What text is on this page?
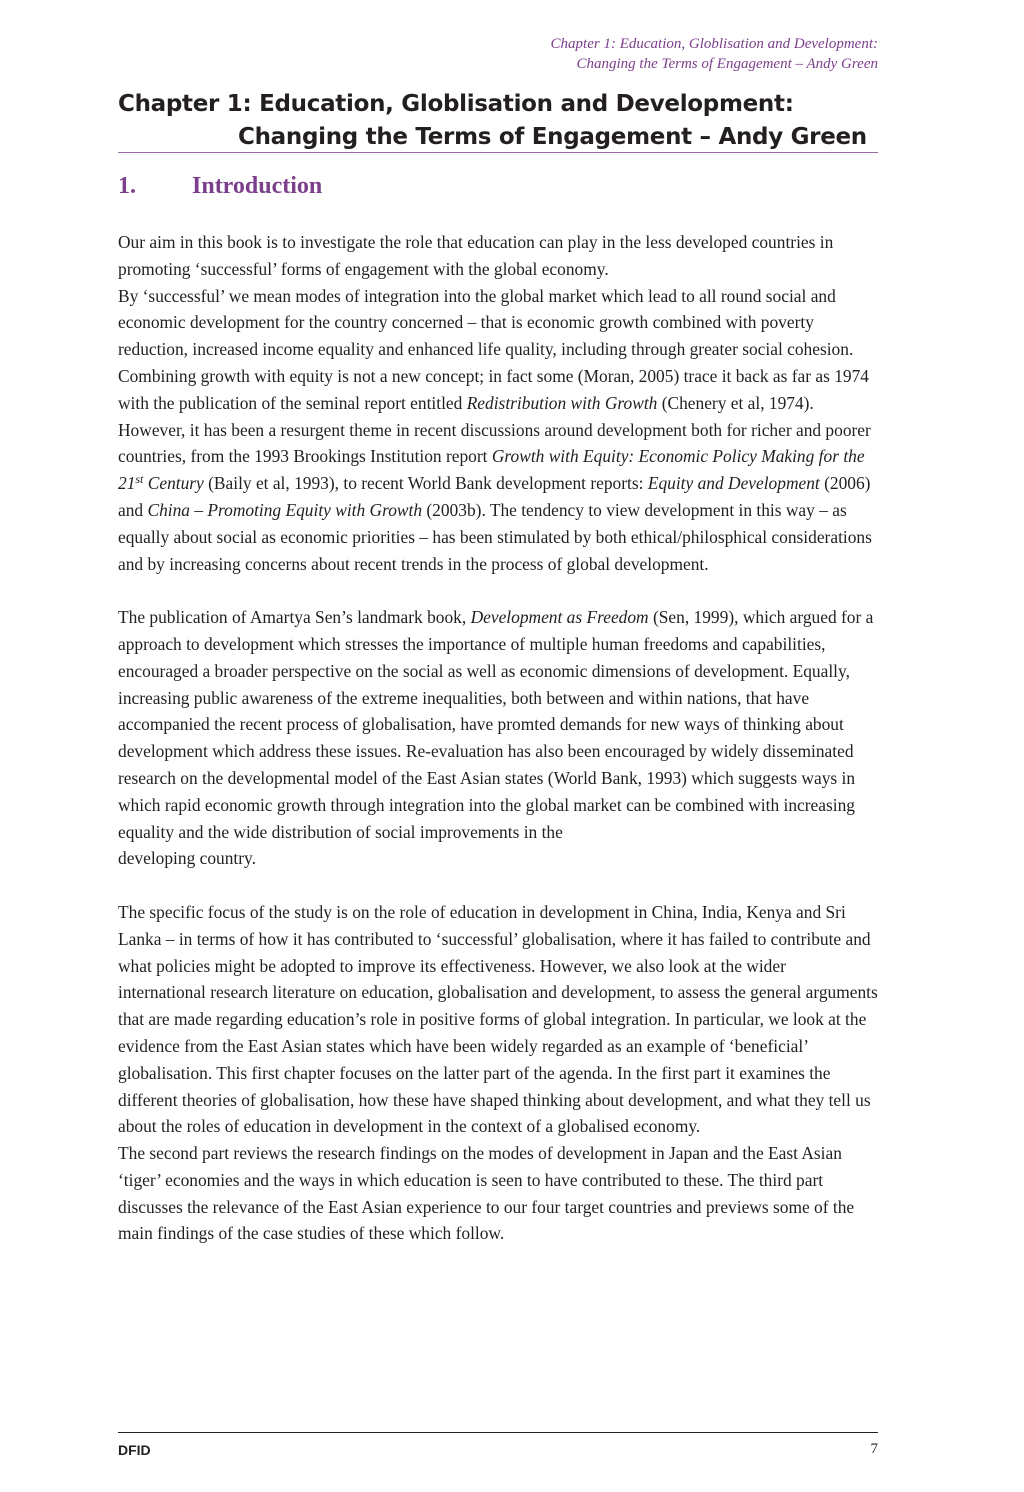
Chapter 1: Education, Globlisation and Development:
Changing the Terms of Engagement – Andy Green
Chapter 1: Education, Globlisation and Development:
Changing the Terms of Engagement – Andy Green
1. Introduction

Our aim in this book is to investigate the role that education can play in the less developed countries in promoting ‘successful’ forms of engagement with the global economy.
By ‘successful’ we mean modes of integration into the global market which lead to all round social and economic development for the country concerned – that is economic growth combined with poverty reduction, increased income equality and enhanced life quality, including through greater social cohesion. Combining growth with equity is not a new concept; in fact some (Moran, 2005) trace it back as far as 1974 with the publication of the seminal report entitled Redistribution with Growth (Chenery et al, 1974). However, it has been a resurgent theme in recent discussions around development both for richer and poorer countries, from the 1993 Brookings Institution report Growth with Equity: Economic Policy Making for the 21st Century (Baily et al, 1993), to recent World Bank development reports: Equity and Development (2006) and China – Promoting Equity with Growth (2003b). The tendency to view development in this way – as equally about social as economic priorities – has been stimulated by both ethical/philosphical considerations and by increasing concerns about recent trends in the process of global development.

The publication of Amartya Sen’s landmark book, Development as Freedom (Sen, 1999), which argued for a approach to development which stresses the importance of multiple human freedoms and capabilities, encouraged a broader perspective on the social as well as economic dimensions of development. Equally, increasing public awareness of the extreme inequalities, both between and within nations, that have accompanied the recent process of globalisation, have promted demands for new ways of thinking about development which address these issues. Re-evaluation has also been encouraged by widely disseminated research on the developmental model of the East Asian states (World Bank, 1993) which suggests ways in which rapid economic growth through integration into the global market can be combined with increasing equality and the wide distribution of social improvements in the
developing country.

The specific focus of the study is on the role of education in development in China, India, Kenya and Sri Lanka – in terms of how it has contributed to ‘successful’ globalisation, where it has failed to contribute and what policies might be adopted to improve its effectiveness. However, we also look at the wider international research literature on education, globalisation and development, to assess the general arguments that are made regarding education’s role in positive forms of global integration. In particular, we look at the evidence from the East Asian states which have been widely regarded as an example of ‘beneficial’ globalisation. This first chapter focuses on the latter part of the agenda. In the first part it examines the different theories of globalisation, how these have shaped thinking about development, and what they tell us about the roles of education in development in the context of a globalised economy.
The second part reviews the research findings on the modes of development in Japan and the East Asian ‘tiger’ economies and the ways in which education is seen to have contributed to these. The third part discusses the relevance of the East Asian experience to our four target countries and previews some of the main findings of the case studies of these which follow.

DFID	7
